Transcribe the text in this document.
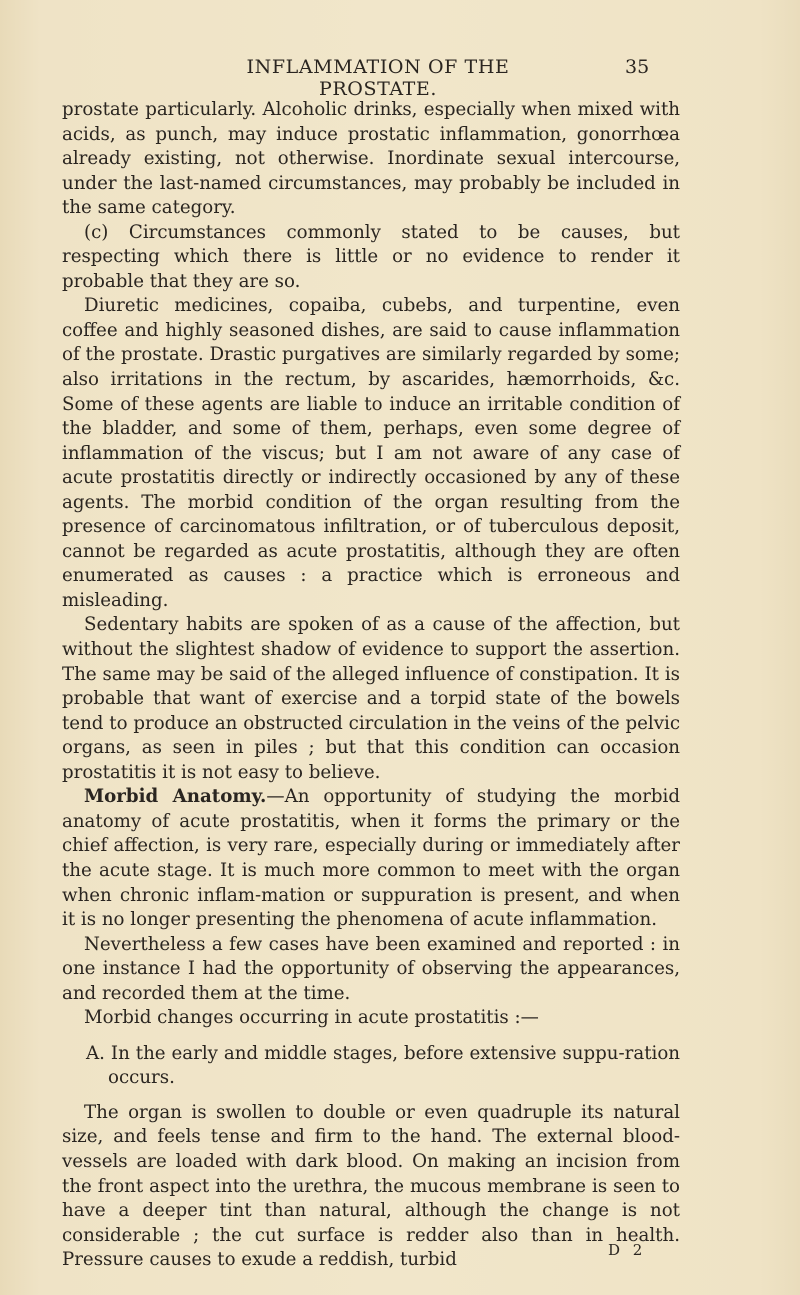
INFLAMMATION OF THE PROSTATE.
35

prostate particularly. Alcoholic drinks, especially when mixed with acids, as punch, may induce prostatic inflammation, gonorrhœa already existing, not otherwise. Inordinate sexual intercourse, under the last-named circumstances, may probably be included in the same category.

(c) Circumstances commonly stated to be causes, but respecting which there is little or no evidence to render it probable that they are so.

Diuretic medicines, copaiba, cubebs, and turpentine, even coffee and highly seasoned dishes, are said to cause inflammation of the prostate. Drastic purgatives are similarly regarded by some; also irritations in the rectum, by ascarides, hæmorrhoids, &c. Some of these agents are liable to induce an irritable condition of the bladder, and some of them, perhaps, even some degree of inflammation of the viscus; but I am not aware of any case of acute prostatitis directly or indirectly occasioned by any of these agents. The morbid condition of the organ resulting from the presence of carcinomatous infiltration, or of tuberculous deposit, cannot be regarded as acute prostatitis, although they are often enumerated as causes : a practice which is erroneous and misleading.

Sedentary habits are spoken of as a cause of the affection, but without the slightest shadow of evidence to support the assertion. The same may be said of the alleged influence of constipation. It is probable that want of exercise and a torpid state of the bowels tend to produce an obstructed circulation in the veins of the pelvic organs, as seen in piles ; but that this condition can occasion prostatitis it is not easy to believe.

Morbid Anatomy.—An opportunity of studying the morbid anatomy of acute prostatitis, when it forms the primary or the chief affection, is very rare, especially during or immediately after the acute stage. It is much more common to meet with the organ when chronic inflam-mation or suppuration is present, and when it is no longer presenting the phenomena of acute inflammation.

Nevertheless a few cases have been examined and reported : in one instance I had the opportunity of observing the appearances, and recorded them at the time.

Morbid changes occurring in acute prostatitis :—

A. In the early and middle stages, before extensive suppu-ration occurs.

The organ is swollen to double or even quadruple its natural size, and feels tense and firm to the hand. The external blood-vessels are loaded with dark blood. On making an incision from the front aspect into the urethra, the mucous membrane is seen to have a deeper tint than natural, although the change is not considerable ; the cut surface is redder also than in health. Pressure causes to exude a reddish, turbid	D 2
